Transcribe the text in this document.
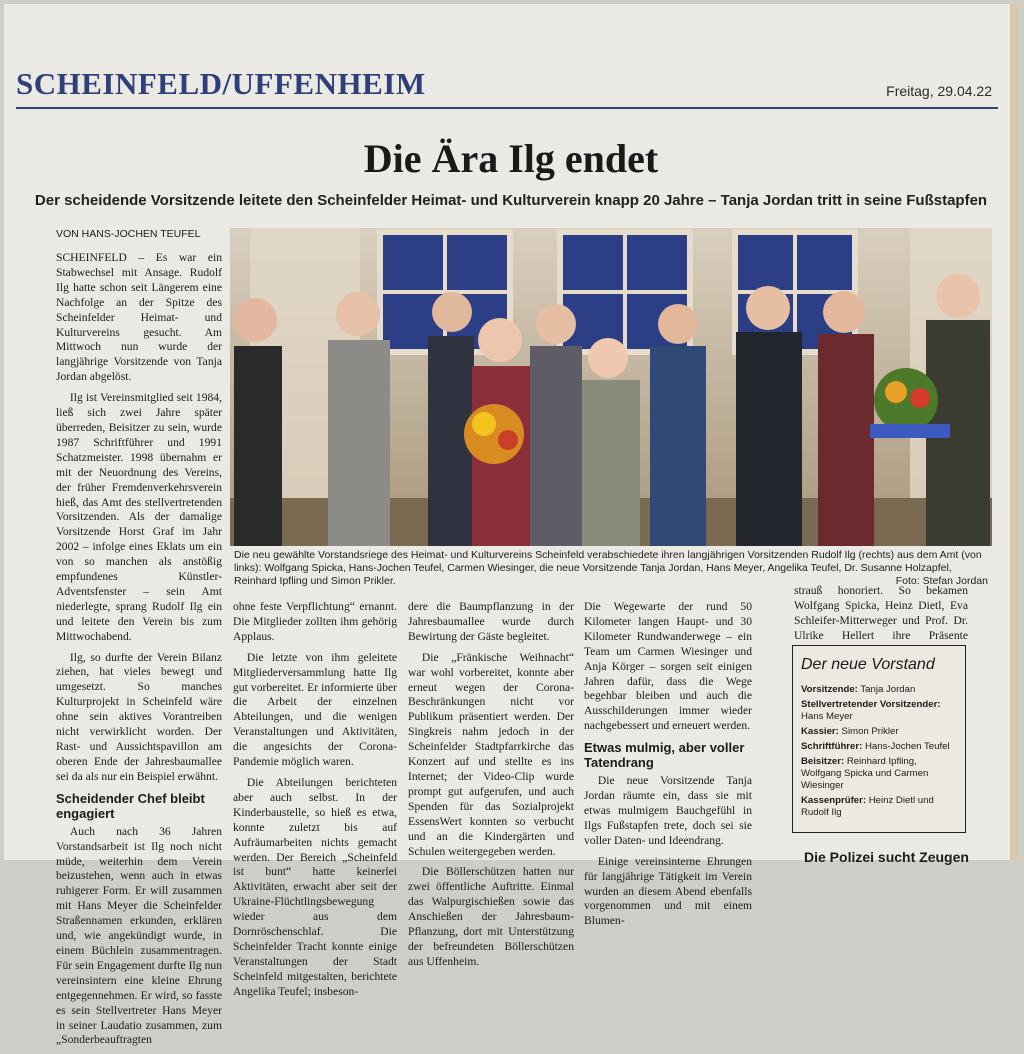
SCHEINFELD/UFFENHEIM	Freitag, 29.04.22
Die Ära Ilg endet
Der scheidende Vorsitzende leitete den Scheinfelder Heimat- und Kulturverein knapp 20 Jahre – Tanja Jordan tritt in seine Fußstapfen
VON HANS-JOCHEN TEUFEL

SCHEINFELD – Es war ein Stabwechsel mit Ansage. Rudolf Ilg hatte schon seit Längerem eine Nachfolge an der Spitze des Scheinfelder Heimat- und Kulturvereins gesucht. Am Mittwoch nun wurde der langjährige Vorsitzende von Tanja Jordan abgelöst.

Ilg ist Vereinsmitglied seit 1984, ließ sich zwei Jahre später überreden, Beisitzer zu sein, wurde 1987 Schriftführer und 1991 Schatzmeister. 1998 übernahm er mit der Neuordnung des Vereins, der früher Fremdenverkehrsverein hieß, das Amt des stellvertretenden Vorsitzenden. Als der damalige Vorsitzende Horst Graf im Jahr 2002 – infolge eines Eklats um ein von so manchen als anstößig empfundenes Künstler-Adventsfenster – sein Amt niederlegte, sprang Rudolf Ilg ein und leitete den Verein bis zum Mittwochabend.

Ilg, so durfte der Verein Bilanz ziehen, hat vieles bewegt und umgesetzt. So manches Kulturprojekt in Scheinfeld wäre ohne sein aktives Vorantreiben nicht verwirklicht worden. Der Rast- und Aussichtspavillon am oberen Ende der Jahresbaumallee sei da als nur ein Beispiel erwähnt.

Scheidender Chef bleibt engagiert

Auch nach 36 Jahren Vorstandsarbeit ist Ilg noch nicht müde, weiterhin dem Verein beizustehen, wenn auch in etwas ruhigerer Form. Er will zusammen mit Hans Meyer die Scheinfelder Straßennamen erkunden, erklären und, wie angekündigt wurde, in einem Büchlein zusammentragen. Für sein Engagement durfte Ilg nun vereinsintern eine kleine Ehrung entgegennehmen. Er wird, so fasste es sein Stellvertreter Hans Meyer in seiner Laudatio zusammen, zum „Sonderbeauftragten

Die neu gewählte Vorstandsriege des Heimat- und Kulturvereins Scheinfeld verabschiedete ihren langjährigen Vorsitzenden Rudolf Ilg (rechts) aus dem Amt (von links): Wolfgang Spicka, Hans-Jochen Teufel, Carmen Wiesinger, die neue Vorsitzende Tanja Jordan, Hans Meyer, Angelika Teufel, Dr. Susanne Holzapfel, Reinhard Ipfling und Simon Prikler.	Foto: Stefan Jordan

ohne feste Verpflichtung“ ernannt. Die Mitglieder zollten ihm gehörig Applaus.

Die letzte von ihm geleitete Mitgliederversammlung hatte Ilg gut vorbereitet. Er informierte über die Arbeit der einzelnen Abteilungen, und die wenigen Veranstaltungen und Aktivitäten, die angesichts der Corona-Pandemie möglich waren.

Die Abteilungen berichteten aber auch selbst. In der Kinderbaustelle, so hieß es etwa, konnte zuletzt bis auf Aufräumarbeiten nichts gemacht werden. Der Bereich „Scheinfeld ist bunt“ hatte keinerlei Aktivitäten, erwacht aber seit der Ukraine-Flüchtlingsbewegung wieder aus dem Dornröschenschlaf. Die Scheinfelder Tracht konnte einige Veranstaltungen der Stadt Scheinfeld mitgestalten, berichtete Angelika Teufel; insbeson-

dere die Baumpflanzung in der Jahresbaumallee wurde durch Bewirtung der Gäste begleitet.

Die „Fränkische Weihnacht“ war wohl vorbereitet, konnte aber erneut wegen der Corona-Beschränkungen nicht vor Publikum präsentiert werden. Der Singkreis nahm jedoch in der Scheinfelder Stadtpfarrkirche das Konzert auf und stellte es ins Internet; der Video-Clip wurde prompt gut aufgerufen, und auch Spenden für das Sozialprojekt EssensWert konnten so verbucht und an die Kindergärten und Schulen weitergegeben werden.

Die Böllerschützen hatten nur zwei öffentliche Auftritte. Einmal das Walpurgischießen sowie das Anschießen der Jahresbaum-Pflanzung, dort mit Unterstützung der befreundeten Böllerschützen aus Uffenheim.

Die Wegewarte der rund 50 Kilometer langen Haupt- und 30 Kilometer Rundwanderwege – ein Team um Carmen Wiesinger und Anja Körger – sorgen seit einigen Jahren dafür, dass die Wege begehbar bleiben und auch die Ausschilderungen immer wieder nachgebessert und erneuert werden.

Etwas mulmig, aber voller Tatendrang

Die neue Vorsitzende Tanja Jordan räumte ein, dass sie mit etwas mulmigem Bauchgefühl in Ilgs Fußstapfen trete, doch sei sie voller Daten- und Ideendrang.

Einige vereinsinterne Ehrungen für langjährige Tätigkeit im Verein wurden an diesem Abend ebenfalls vorgenommen und mit einem Blumen-

strauß honoriert. So bekamen Wolfgang Spicka, Heinz Dietl, Eva Schleifer-Mitterweger und Prof. Dr. Ulrike Hellert ihre Präsente

Der neue Vorstand
Vorsitzende: Tanja Jordan
Stellvertretender Vorsitzender: Hans Meyer
Kassier: Simon Prikler
Schriftführer: Hans-Jochen Teufel
Beisitzer: Reinhard Ipfling, Wolfgang Spicka und Carmen Wiesinger
Kassenprüfer: Heinz Dietl und Rudolf Ilg
Die Polizei sucht Zeugen
